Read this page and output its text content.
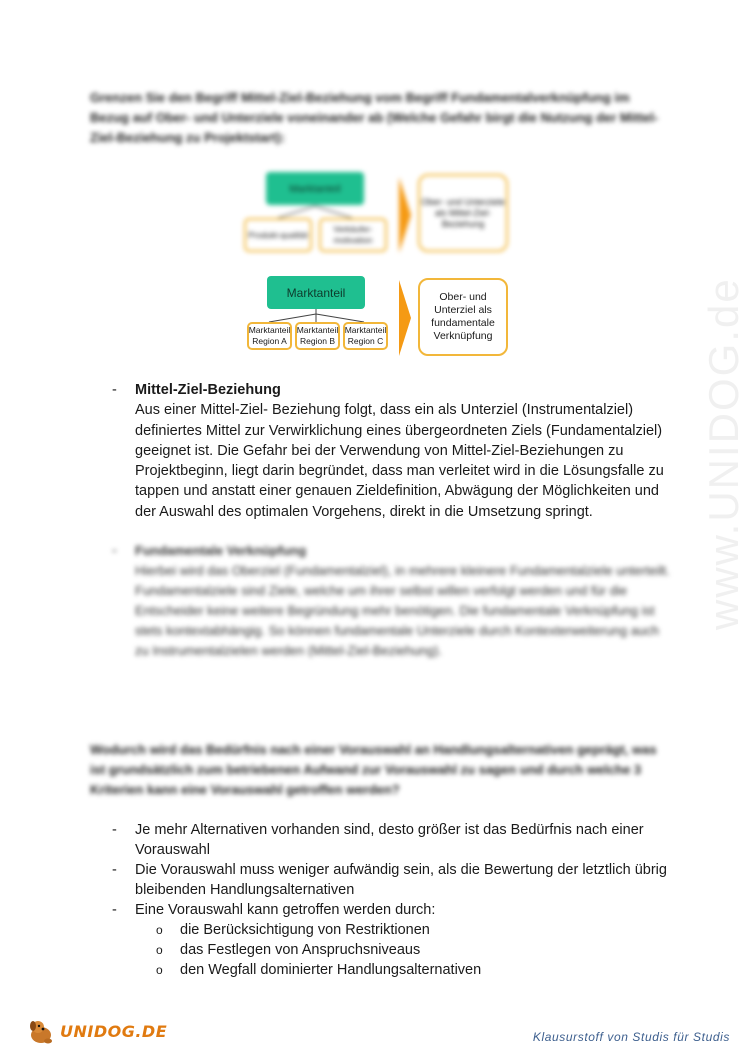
Grenzen Sie den Begriff Mittel-Ziel-Beziehung vom Begriff Fundamentalverknüpfung im Bezug auf Ober- und Unterziele voneinander ab (Welche Gefahr birgt die Nutzung der Mittel-Ziel-Beziehung zu Projektstart):
Marktanteil
Produkt-qualität
Verkäufer-motivation
Ober- und Unterziele als Mittel-Ziel-Beziehung
Marktanteil
Marktanteil Region A
Marktanteil Region B
Marktanteil Region C
Ober- und Unterziel als fundamentale Verknüpfung
- Mittel-Ziel-Beziehung
Aus einer Mittel-Ziel- Beziehung folgt, dass ein als Unterziel (Instrumentalziel) definiertes Mittel zur Verwirklichung eines übergeordneten Ziels (Fundamentalziel) geeignet ist. Die Gefahr bei der Verwendung von Mittel-Ziel-Beziehungen zu Projektbeginn, liegt darin begründet, dass man verleitet wird in die Lösungsfalle zu tappen und anstatt einer genauen Zieldefinition, Abwägung der Möglichkeiten und der Auswahl des optimalen Vorgehens, direkt in die Umsetzung springt.
- Fundamentale Verknüpfung
Hierbei wird das Oberziel (Fundamentalziel), in mehrere kleinere Fundamentalziele unterteilt. Fundamentalziele sind Ziele, welche um ihrer selbst willen verfolgt werden und für die Entscheider keine weitere Begründung mehr benötigen. Die fundamentale Verknüpfung ist stets kontextabhängig. So können fundamentale Unterziele durch Kontexterweiterung auch zu Instrumentalzielen werden (Mittel-Ziel-Beziehung).
Wodurch wird das Bedürfnis nach einer Vorauswahl an Handlungsalternativen geprägt, was ist grundsätzlich zum betriebenen Aufwand zur Vorauswahl zu sagen und durch welche 3 Kriterien kann eine Vorauswahl getroffen werden?
- Je mehr Alternativen vorhanden sind, desto größer ist das Bedürfnis nach einer Vorauswahl
- Die Vorauswahl muss weniger aufwändig sein, als die Bewertung der letztlich übrig bleibenden Handlungsalternativen
- Eine Vorauswahl kann getroffen werden durch:
o die Berücksichtigung von Restriktionen
o das Festlegen von Anspruchsniveaus
o den Wegfall dominierter Handlungsalternativen
www.UNIDOG.de
UNIDOG.DE	Klausurstoff von Studis für Studis
